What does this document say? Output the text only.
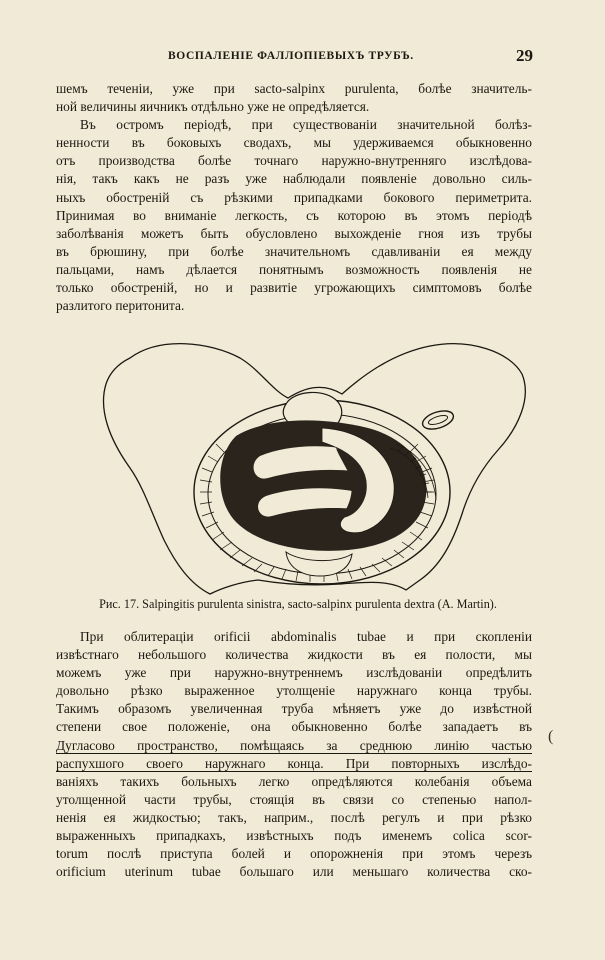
ВОСПАЛЕНІЕ ФАЛЛОПІЕВЫХЪ ТРУБЪ.	29
шемъ теченіи, уже при sacto-salpinx purulenta, болѣе значитель-
ной величины яичникъ отдѣльно уже не опредѣляется.
Въ остромъ періодѣ, при существованіи значительной болѣз-
ненности въ боковыхъ сводахъ, мы удерживаемся обыкновенно
отъ производства болѣе точнаго наружно-внутренняго изслѣдова-
нія, такъ какъ не разъ уже наблюдали появленіе довольно силь-
ныхъ обостреній съ рѣзкими припадками бокового периметрита.
Принимая во вниманіе легкость, съ которою въ этомъ періодѣ
заболѣванія можетъ быть обусловлено выхожденіе гноя изъ трубы
въ брюшину, при болѣе значительномъ сдавливаніи ея между
пальцами, намъ дѣлается понятнымъ возможность появленія не
только обостреній, но и развитіе угрожающихъ симптомовъ болѣе
разлитого перитонита.
Рис. 17. Salpingitis purulenta sinistra, sacto-salpinx purulenta dextra (A. Martin).
При облитераціи orificii abdominalis tubae и при скопленіи
извѣстнаго небольшого количества жидкости въ ея полости, мы
можемъ уже при наружно-внутреннемъ изслѣдованіи опредѣлить
довольно рѣзко выраженное утолщеніе наружнаго конца трубы.
Такимъ образомъ увеличенная труба мѣняетъ уже до извѣстной
степени свое положеніе, она обыкновенно болѣе западаетъ въ
Дугласово пространство, помѣщаясь за среднюю линію частью
распухшого своего наружнаго конца. При повторныхъ изслѣдо-
ваніяхъ такихъ больныхъ легко опредѣляются колебанія объема
утолщенной части трубы, стоящія въ связи со степенью напол-
ненія ея жидкостью; такъ, наприм., послѣ регулъ и при рѣзко
выраженныхъ припадкахъ, извѣстныхъ подъ именемъ colica scor-
torum послѣ приступа болей и опорожненія при этомъ черезъ
orificium uterinum tubae большаго или меньшаго количества ско-
(
